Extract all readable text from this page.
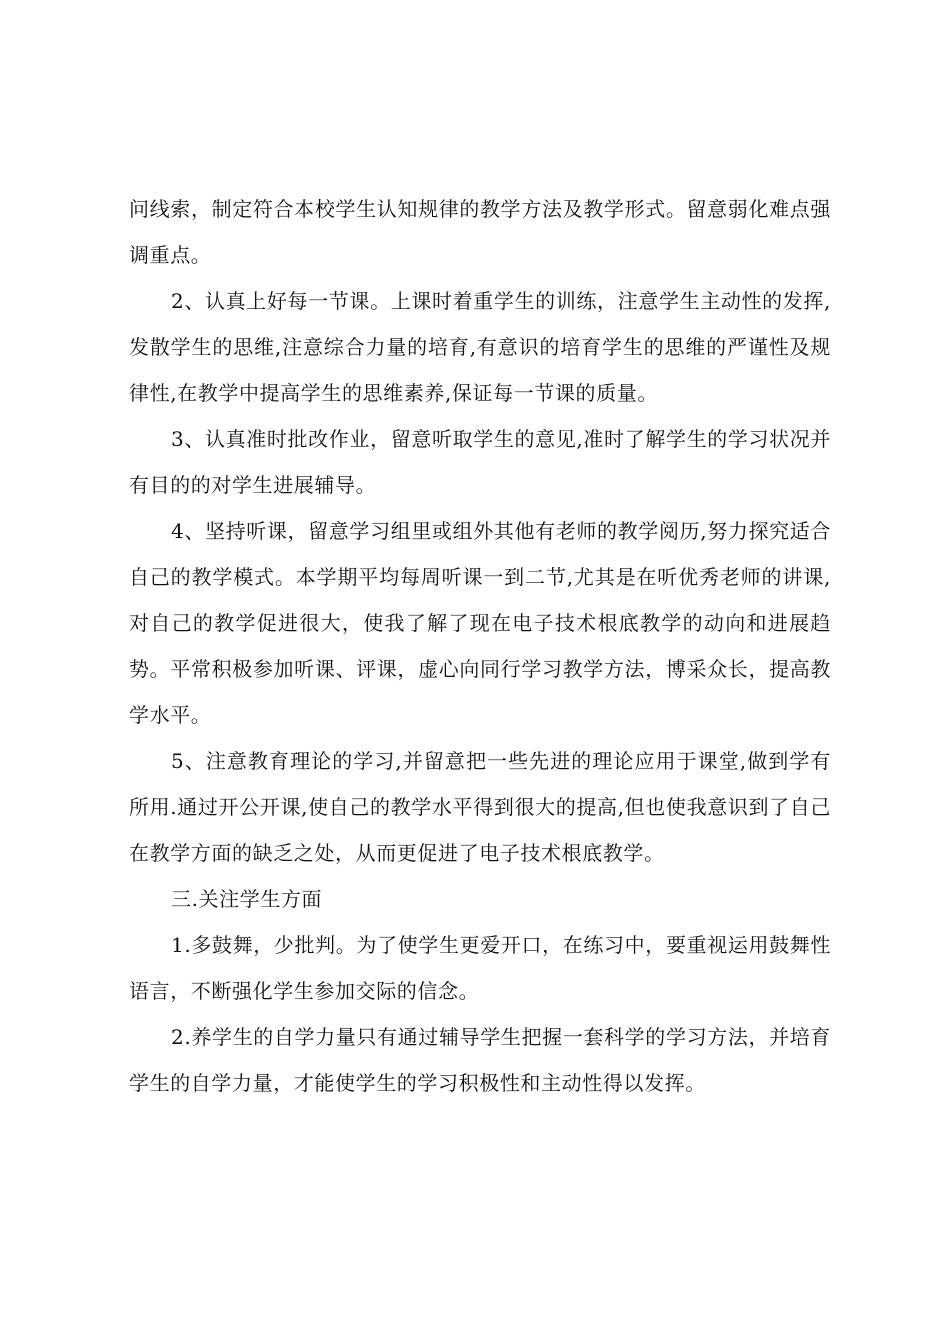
问线索，制定符合本校学生认知规律的教学方法及教学形式。留意弱化难点强调重点。

2、认真上好每一节课。上课时着重学生的训练，注意学生主动性的发挥,发散学生的思维,注意综合力量的培育,有意识的培育学生的思维的严谨性及规律性,在教学中提高学生的思维素养,保证每一节课的质量。

3、认真准时批改作业，留意听取学生的意见,准时了解学生的学习状况并有目的的对学生进展辅导。

4、坚持听课，留意学习组里或组外其他有老师的教学阅历,努力探究适合自己的教学模式。本学期平均每周听课一到二节,尤其是在听优秀老师的讲课,对自己的教学促进很大，使我了解了现在电子技术根底教学的动向和进展趋势。平常积极参加听课、评课，虚心向同行学习教学方法，博采众长，提高教学水平。

5、注意教育理论的学习,并留意把一些先进的理论应用于课堂,做到学有所用.通过开公开课,使自己的教学水平得到很大的提高,但也使我意识到了自己在教学方面的缺乏之处，从而更促进了电子技术根底教学。

三.关注学生方面

1.多鼓舞，少批判。为了使学生更爱开口，在练习中，要重视运用鼓舞性语言，不断强化学生参加交际的信念。

2.养学生的自学力量只有通过辅导学生把握一套科学的学习方法，并培育学生的自学力量，才能使学生的学习积极性和主动性得以发挥。
